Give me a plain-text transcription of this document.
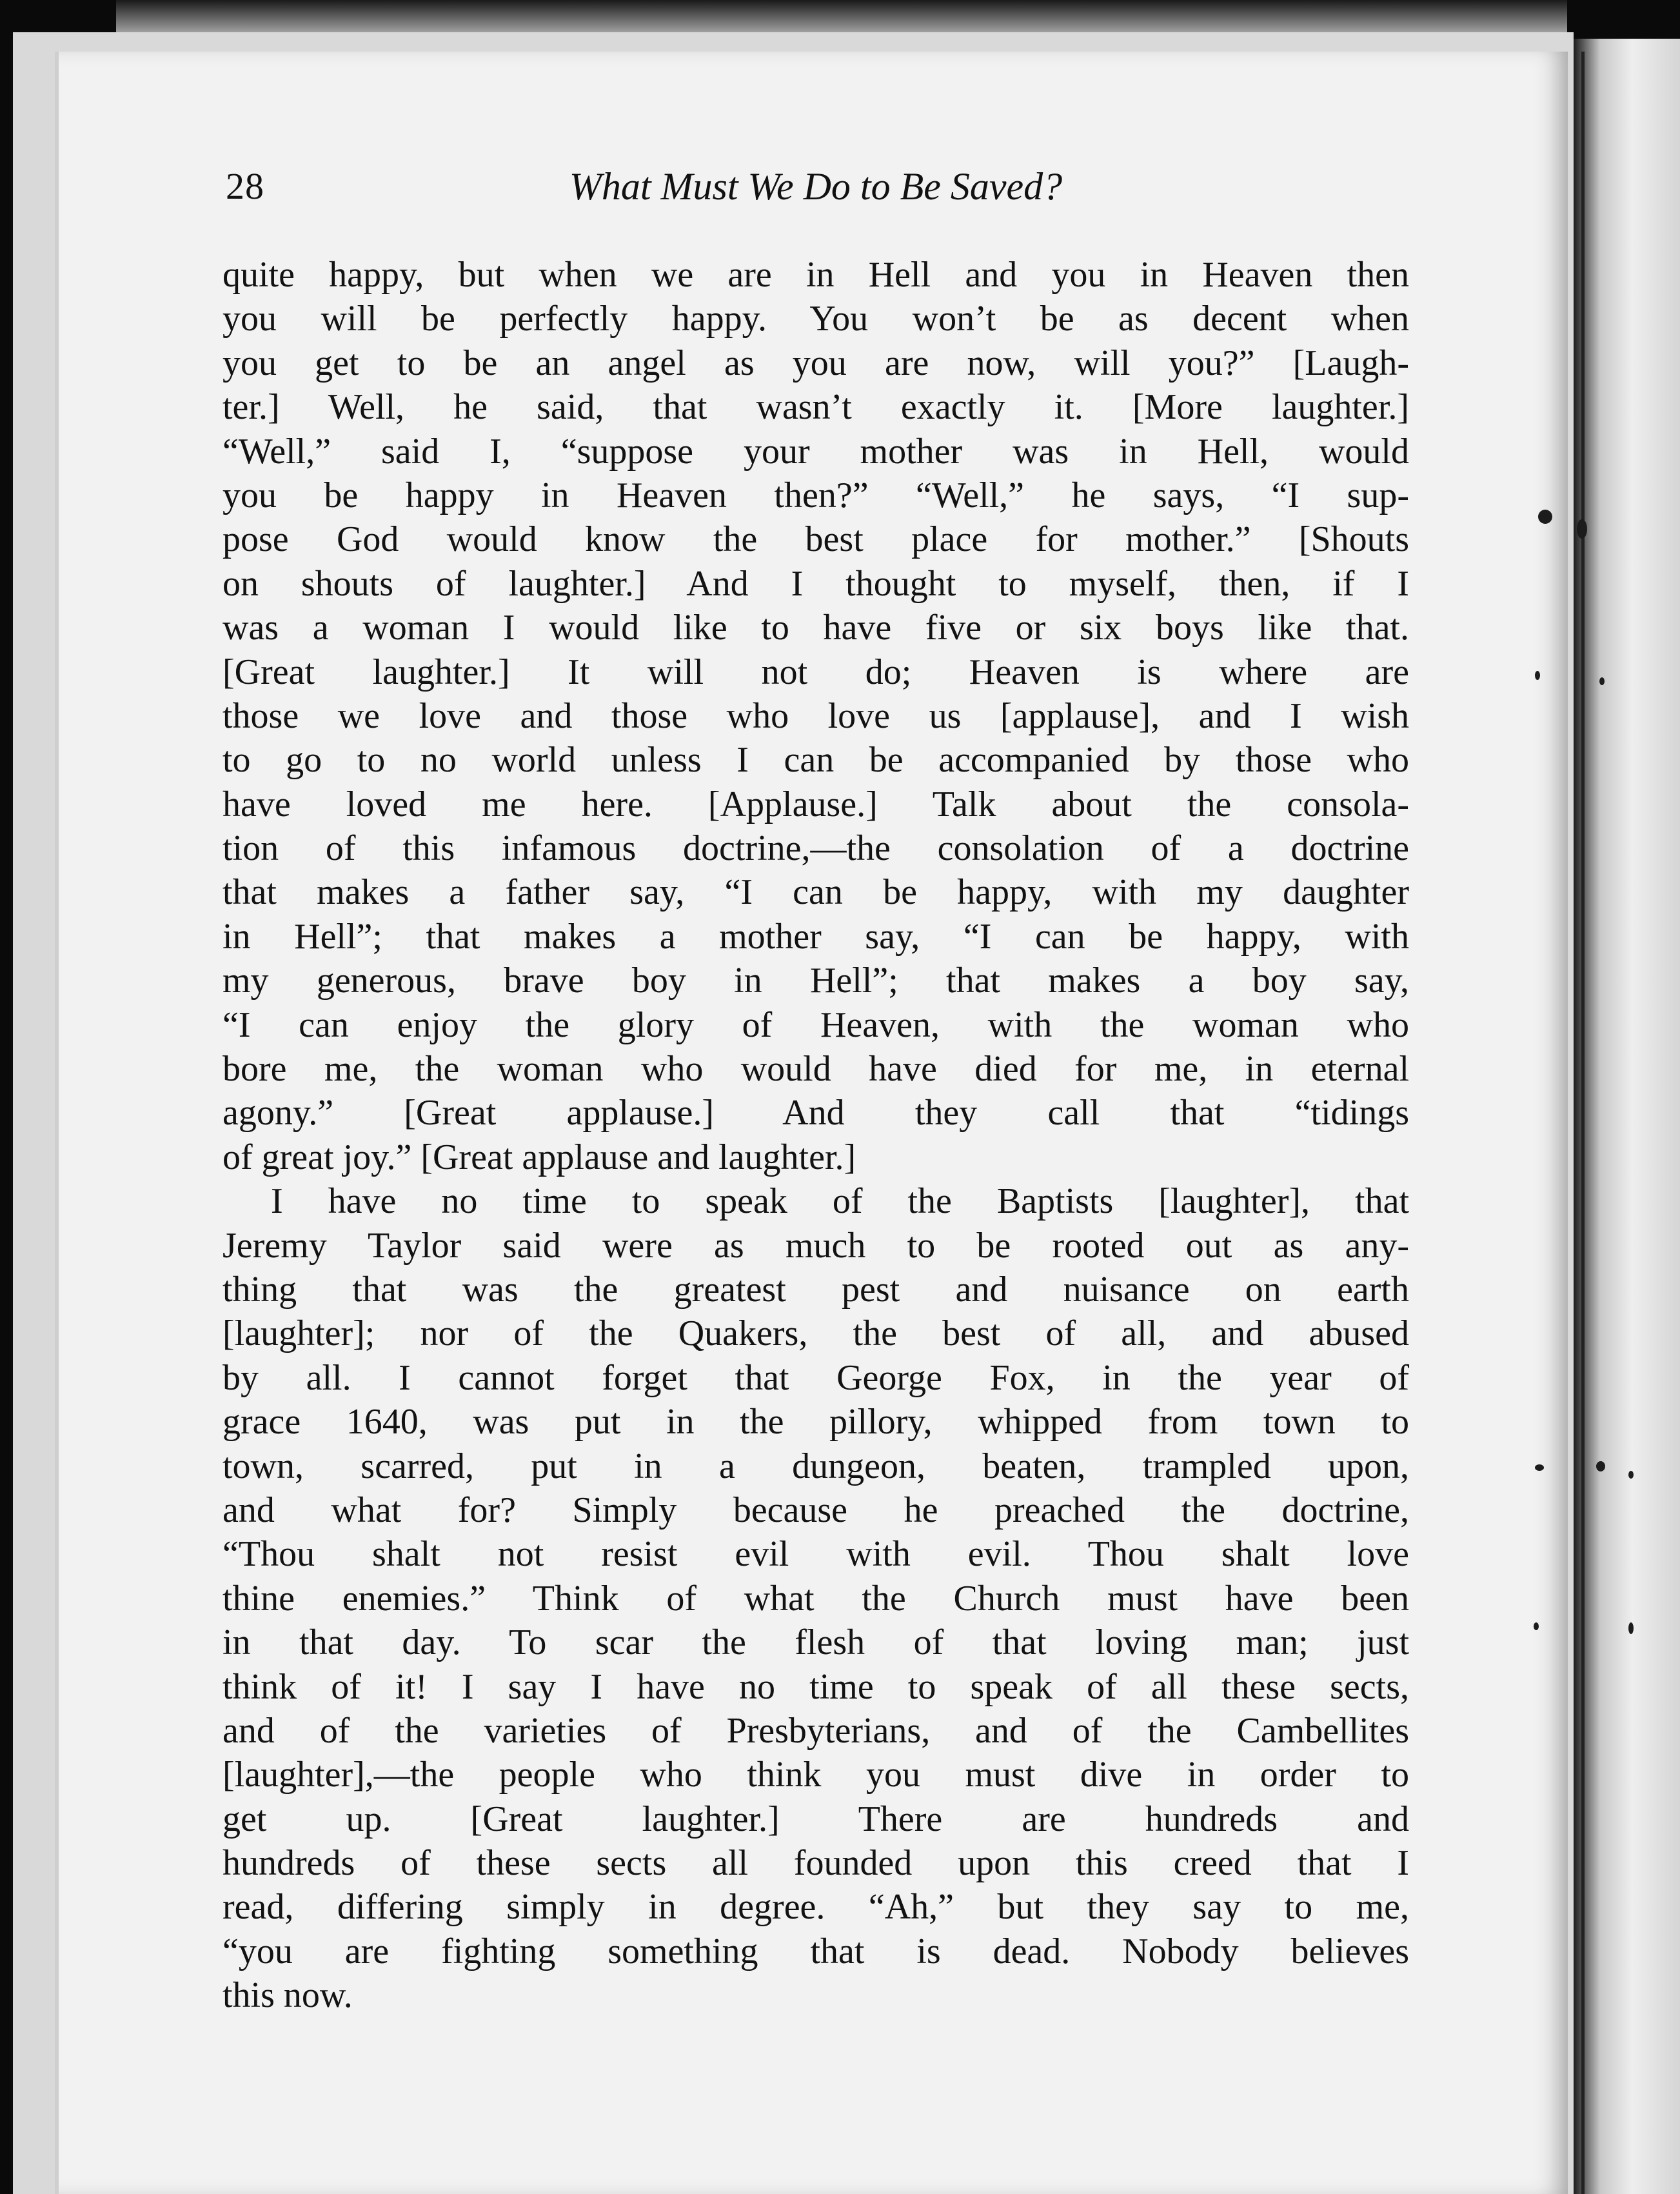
28	What Must We Do to Be Saved?
quite happy, but when we are in Hell and you in Heaven then
you will be perfectly happy. You won’t be as decent when
you get to be an angel as you are now, will you?” [Laugh-
ter.] Well, he said, that wasn’t exactly it. [More laughter.]
“Well,” said I, “suppose your mother was in Hell, would
you be happy in Heaven then?” “Well,” he says, “I sup-
pose God would know the best place for mother.” [Shouts
on shouts of laughter.] And I thought to myself, then, if I
was a woman I would like to have five or six boys like that.
[Great laughter.] It will not do; Heaven is where are
those we love and those who love us [applause], and I wish
to go to no world unless I can be accompanied by those who
have loved me here. [Applause.] Talk about the consola-
tion of this infamous doctrine,—the consolation of a doctrine
that makes a father say, “I can be happy, with my daughter
in Hell”; that makes a mother say, “I can be happy, with
my generous, brave boy in Hell”; that makes a boy say,
“I can enjoy the glory of Heaven, with the woman who
bore me, the woman who would have died for me, in eternal
agony.” [Great applause.] And they call that “tidings
of great joy.” [Great applause and laughter.]
I have no time to speak of the Baptists [laughter], that
Jeremy Taylor said were as much to be rooted out as any-
thing that was the greatest pest and nuisance on earth
[laughter]; nor of the Quakers, the best of all, and abused
by all. I cannot forget that George Fox, in the year of
grace 1640, was put in the pillory, whipped from town to
town, scarred, put in a dungeon, beaten, trampled upon,
and what for? Simply because he preached the doctrine,
“Thou shalt not resist evil with evil. Thou shalt love
thine enemies.” Think of what the Church must have been
in that day. To scar the flesh of that loving man; just
think of it! I say I have no time to speak of all these sects,
and of the varieties of Presbyterians, and of the Cambellites
[laughter],—the people who think you must dive in order to
get up. [Great laughter.] There are hundreds and
hundreds of these sects all founded upon this creed that I
read, differing simply in degree. “Ah,” but they say to me,
“you are fighting something that is dead. Nobody believes
this now.
